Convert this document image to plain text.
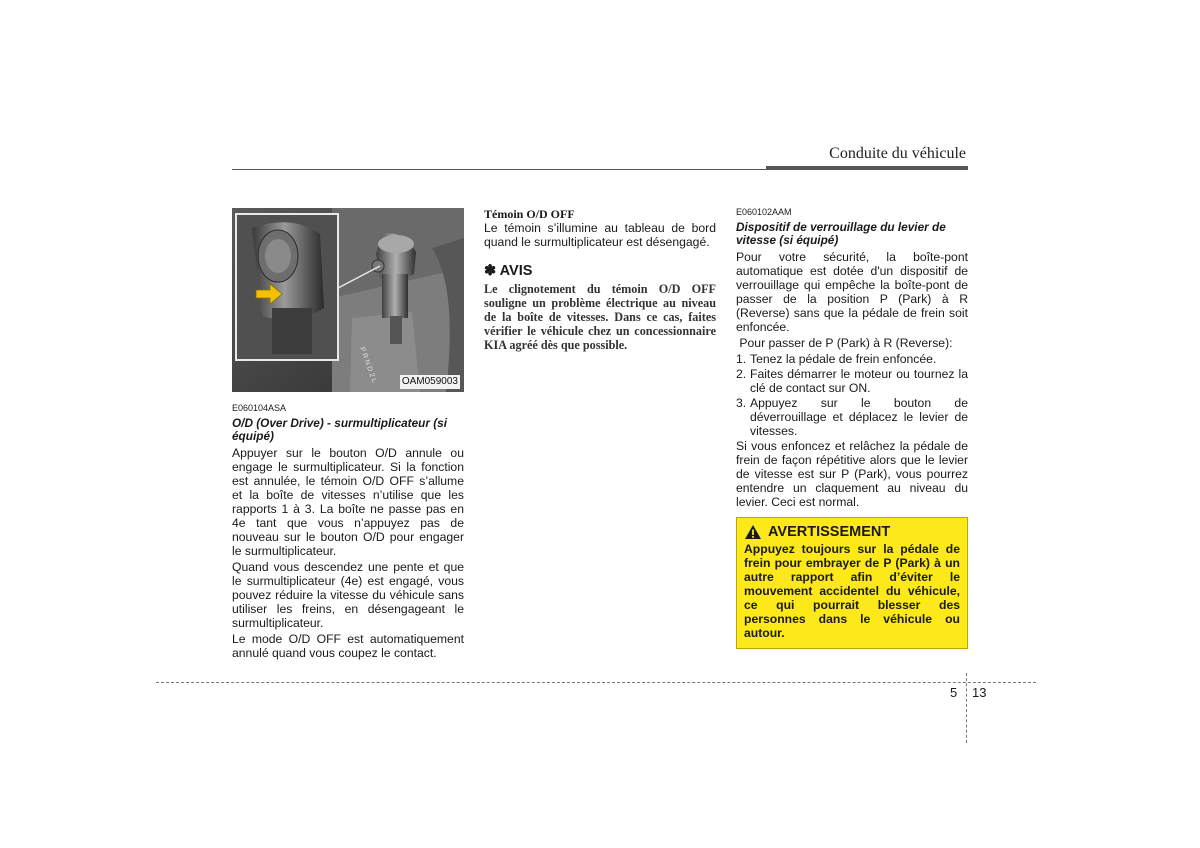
Conduite du véhicule
P R N D 2 L OAM059003
E060104ASA
O/D (Over Drive) - surmultiplicateur (si équipé)

Appuyer sur le bouton O/D annule ou engage le surmultiplicateur. Si la fonction est annulée, le témoin O/D OFF s’allume et la boîte de vitesses n’utilise que les rapports 1 à 3. La boîte ne passe pas en 4e tant que vous n’appuyez pas de nouveau sur le bouton O/D pour engager le surmultiplicateur.

Quand vous descendez une pente et que le surmultiplicateur (4e) est engagé, vous pouvez réduire la vitesse du véhicule sans utiliser les freins, en désengageant le surmultiplicateur.

Le mode O/D OFF est automatiquement annulé quand vous coupez le contact.

Témoin O/D OFF

Le témoin s’illumine au tableau de bord quand le surmultiplicateur est désengagé.

✽ AVIS
Le clignotement du témoin O/D OFF souligne un problème électrique au niveau de la boîte de vitesses. Dans ce cas, faites vérifier le véhicule chez un concessionnaire KIA agréé dès que possible.
E060102AAM
Dispositif de verrouillage du levier de vitesse (si équipé)

Pour votre sécurité, la boîte-pont automatique est dotée d'un dispositif de verrouillage qui empêche la boîte-pont de passer de la position P (Park) à R (Reverse) sans que la pédale de frein soit enfoncée.

Pour passer de P (Park) à R (Reverse):

1. Tenez la pédale de frein enfoncée.
2. Faites démarrer le moteur ou tournez la clé de contact sur ON.
3. Appuyez sur le bouton de déverrouillage et déplacez le levier de vitesses.

Si vous enfoncez et relâchez la pédale de frein de façon répétitive alors que le levier de vitesse est sur P (Park), vous pourrez entendre un claquement au niveau du levier. Ceci est normal.

AVERTISSEMENT
Appuyez toujours sur la pédale de frein pour embrayer de P (Park) à un autre rapport afin d’éviter le mouvement accidentel du véhicule, ce qui pourrait blesser des personnes dans le véhicule ou autour.
5 13
